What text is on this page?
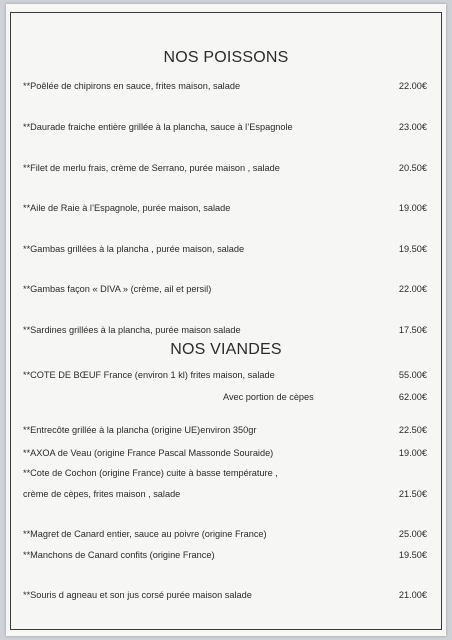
NOS POISSONS
**Poêlée de chipirons en sauce, frites maison, salade	22.00€
**Daurade fraiche entière grillée à la plancha, sauce à l’Espagnole	23.00€
**Filet de merlu frais, crème de Serrano, purée maison , salade	20.50€
**Aile de Raie à l’Espagnole, purée maison, salade	19.00€
**Gambas grillées à la plancha , purée maison, salade	19.50€
**Gambas façon « DIVA » (crème, ail et persil)	22.00€
**Sardines grillées à la plancha, purée maison salade	17.50€
NOS VIANDES
**COTE DE BŒUF France (environ 1 kl) frites maison, salade	55.00€
Avec portion de cèpes	62.00€
**Entrecôte grillée à la plancha (origine UE)environ 350gr	22.50€
**AXOA de Veau (origine France Pascal Massonde Souraide)	19.00€
**Cote de Cochon (origine France) cuite à basse température ,
crème de cèpes, frites maison , salade	21.50€
**Magret de Canard entier, sauce au poivre (origine France)	25.00€
**Manchons de Canard confits (origine France)	19.50€
**Souris d agneau et son jus corsé purée maison salade	21.00€
